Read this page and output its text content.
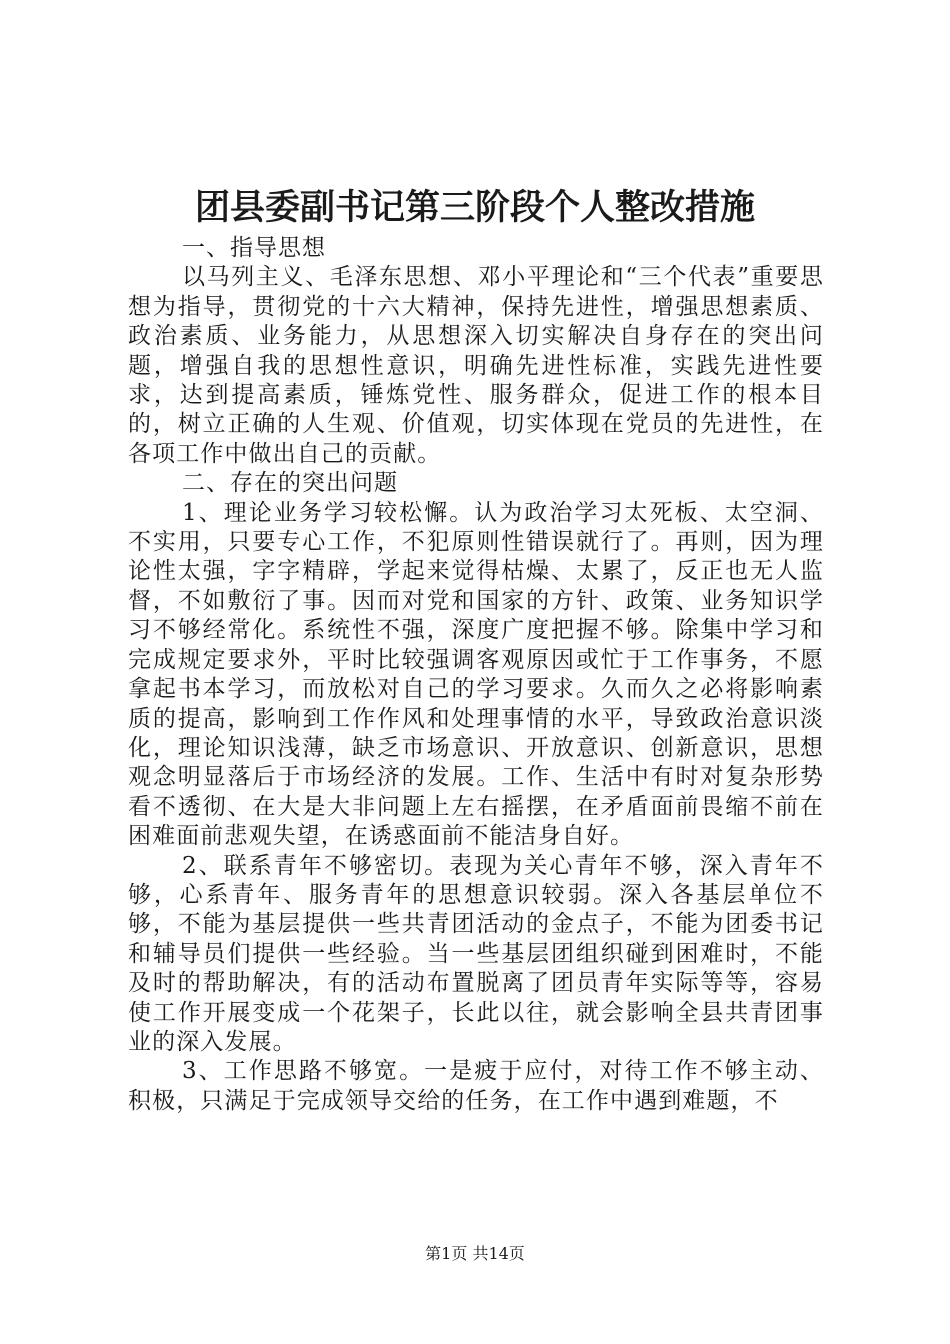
团县委副书记第三阶段个人整改措施

一、指导思想

以马列主义、毛泽东思想、邓小平理论和“三个代表”重要思想为指导，贯彻党的十六大精神，保持先进性，增强思想素质、政治素质、业务能力，从思想深入切实解决自身存在的突出问题，增强自我的思想性意识，明确先进性标准，实践先进性要求，达到提高素质，锤炼党性、服务群众，促进工作的根本目的，树立正确的人生观、价值观，切实体现在党员的先进性，在各项工作中做出自己的贡献。

二、存在的突出问题

1、理论业务学习较松懈。认为政治学习太死板、太空洞、不实用，只要专心工作，不犯原则性错误就行了。再则，因为理论性太强，字字精辟，学起来觉得枯燥、太累了，反正也无人监督，不如敷衍了事。因而对党和国家的方针、政策、业务知识学习不够经常化。系统性不强，深度广度把握不够。除集中学习和完成规定要求外，平时比较强调客观原因或忙于工作事务，不愿拿起书本学习，而放松对自己的学习要求。久而久之必将影响素质的提高，影响到工作作风和处理事情的水平，导致政治意识淡化，理论知识浅薄，缺乏市场意识、开放意识、创新意识，思想观念明显落后于市场经济的发展。工作、生活中有时对复杂形势看不透彻、在大是大非问题上左右摇摆，在矛盾面前畏缩不前在困难面前悲观失望，在诱惑面前不能洁身自好。

2、联系青年不够密切。表现为关心青年不够，深入青年不够，心系青年、服务青年的思想意识较弱。深入各基层单位不够，不能为基层提供一些共青团活动的金点子，不能为团委书记和辅导员们提供一些经验。当一些基层团组织碰到困难时，不能及时的帮助解决，有的活动布置脱离了团员青年实际等等，容易使工作开展变成一个花架子，长此以往，就会影响全县共青团事业的深入发展。

3、工作思路不够宽。一是疲于应付，对待工作不够主动、积极，只满足于完成领导交给的任务，在工作中遇到难题，不

第1页 共14页
